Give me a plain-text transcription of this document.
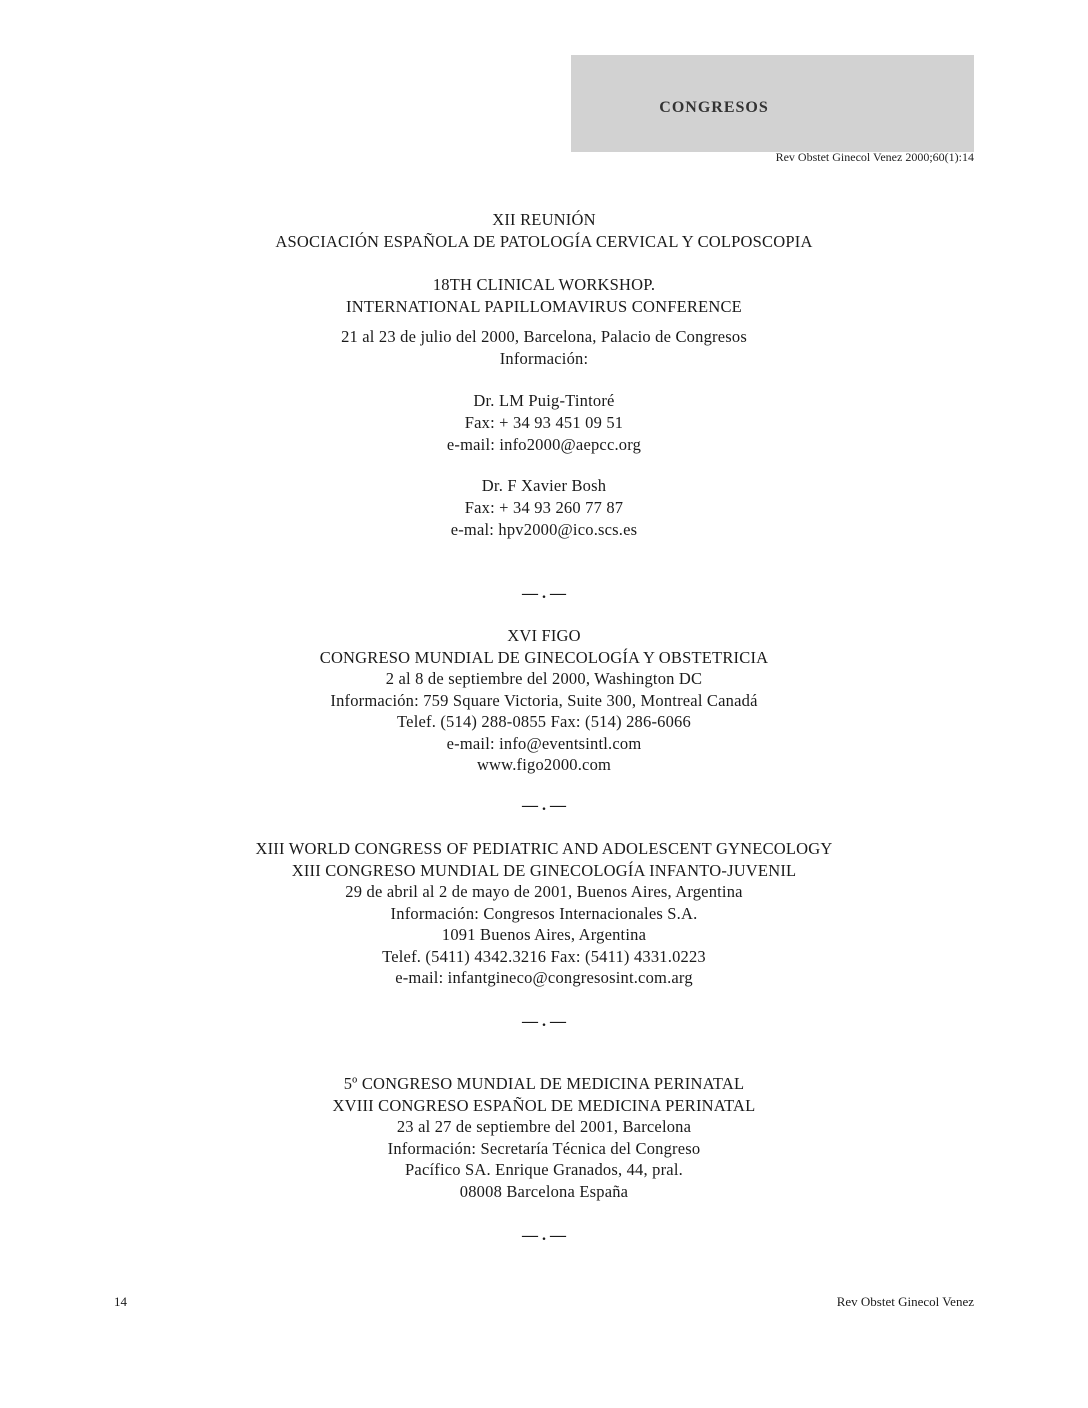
CONGRESOS
Rev Obstet Ginecol Venez 2000;60(1):14
XII REUNIÓN
ASOCIACIÓN ESPAÑOLA DE PATOLOGÍA CERVICAL Y COLPOSCOPIA
18TH CLINICAL WORKSHOP.
INTERNATIONAL PAPILLOMAVIRUS CONFERENCE
21 al 23 de julio del 2000, Barcelona, Palacio de Congresos
Información:
Dr. LM Puig-Tintoré
Fax: + 34 93 451 09 51
e-mail: info2000@aepcc.org
Dr. F Xavier Bosh
Fax: + 34 93 260 77 87
e-mal: hpv2000@ico.scs.es
— . —
XVI FIGO
CONGRESO MUNDIAL DE GINECOLOGÍA Y OBSTETRICIA
2 al 8 de septiembre del 2000, Washington DC
Información: 759 Square Victoria, Suite 300, Montreal Canadá
Telef. (514) 288-0855 Fax: (514) 286-6066
e-mail: info@eventsintl.com
www.figo2000.com
— . —
XIII WORLD CONGRESS OF PEDIATRIC AND ADOLESCENT GYNECOLOGY
XIII CONGRESO MUNDIAL DE GINECOLOGÍA INFANTO-JUVENIL
29 de abril al 2 de mayo de 2001, Buenos Aires, Argentina
Información: Congresos Internacionales S.A.
1091 Buenos Aires, Argentina
Telef. (5411) 4342.3216 Fax: (5411) 4331.0223
e-mail: infantgineco@congresosint.com.arg
— . —
5º CONGRESO MUNDIAL DE MEDICINA PERINATAL
XVIII CONGRESO ESPAÑOL DE MEDICINA PERINATAL
23 al 27 de septiembre del 2001, Barcelona
Información: Secretaría Técnica del Congreso
Pacífico SA. Enrique Granados, 44, pral.
08008 Barcelona España
— . —
14	Rev Obstet Ginecol Venez
